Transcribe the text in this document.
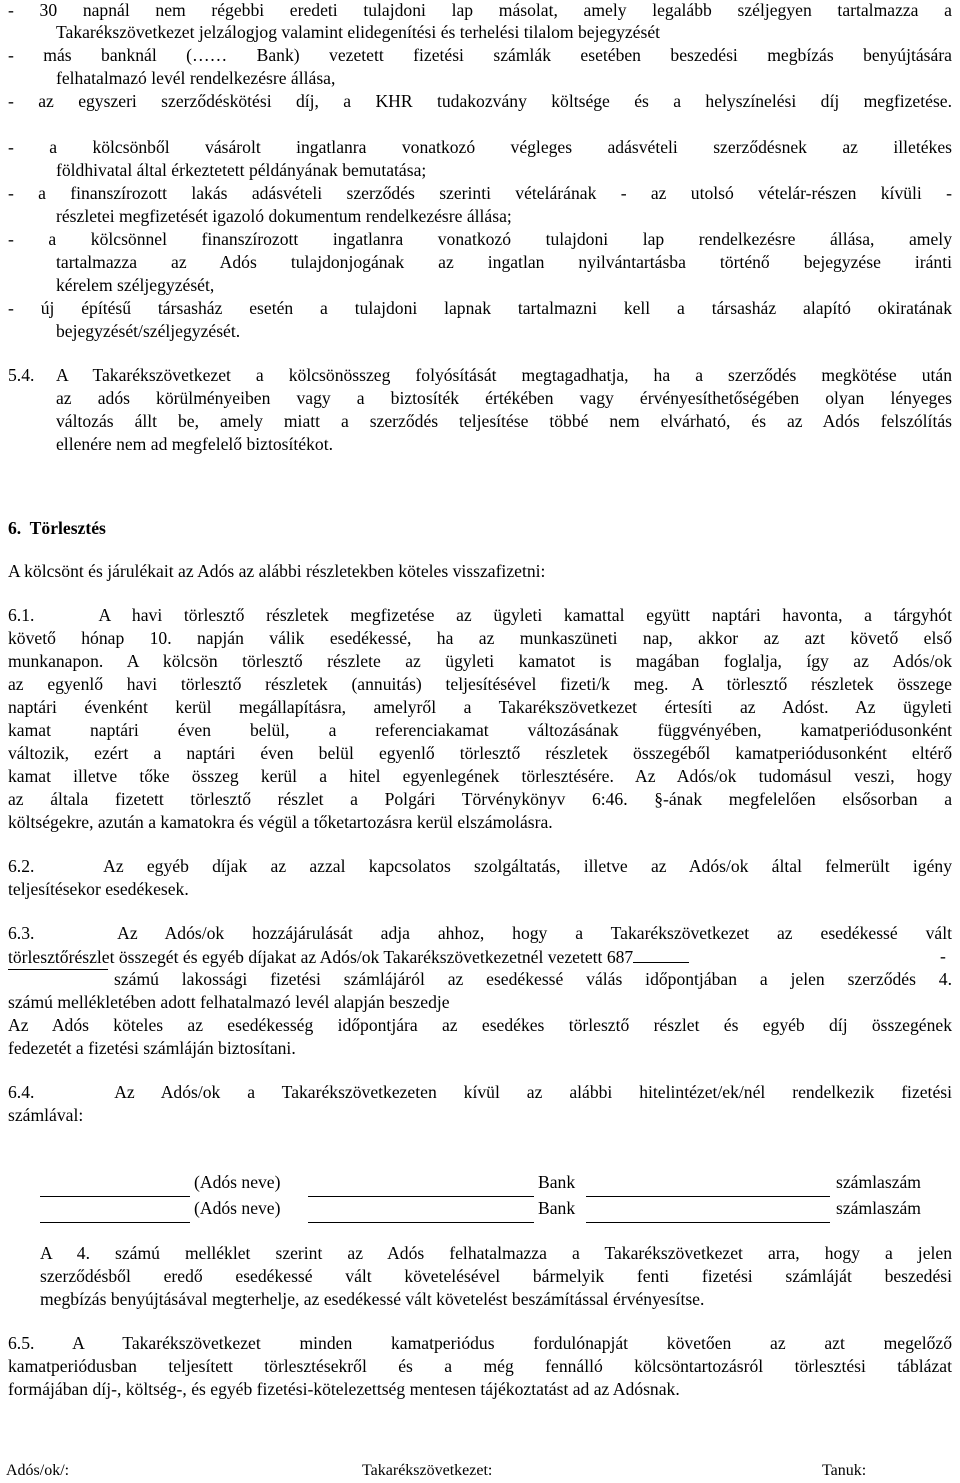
- 30 napnál nem régebbi eredeti tulajdoni lap másolat, amely legalább széljegyen tartalmazza a
Takarékszövetkezet jelzálogjog valamint elidegenítési és terhelési tilalom bejegyzését
- más banknál (…… Bank) vezetett fizetési számlák esetében beszedési megbízás benyújtására
felhatalmazó levél rendelkezésre állása,
- az egyszeri szerződéskötési díj, a KHR tudakozvány költsége és a helyszínelési díj megfizetése.
- a kölcsönből vásárolt ingatlanra vonatkozó végleges adásvételi szerződésnek az illetékes
földhivatal által érkeztetett példányának bemutatása;
- a finanszírozott lakás adásvételi szerződés szerinti vételárának - az utolsó vételár-részen kívüli -
részletei megfizetését igazoló dokumentum rendelkezésre állása;
- a kölcsönnel finanszírozott ingatlanra vonatkozó tulajdoni lap rendelkezésre állása, amely
tartalmazza az Adós tulajdonjogának az ingatlan nyilvántartásba történő bejegyzése iránti
kérelem széljegyzését,
- új építésű társasház esetén a tulajdoni lapnak tartalmazni kell a társasház alapító okiratának
bejegyzését/széljegyzését.
5.4. A Takarékszövetkezet a kölcsönösszeg folyósítását megtagadhatja, ha a szerződés megkötése után
az adós körülményeiben vagy a biztosíték értékében vagy érvényesíthetőségében olyan lényeges
változás állt be, amely miatt a szerződés teljesítése többé nem elvárható, és az Adós felszólítás
ellenére nem ad megfelelő biztosítékot.
6.  Törlesztés
A kölcsönt és járulékait az Adós az alábbi részletekben köteles visszafizetni:
6.1.   A havi törlesztő részletek megfizetése az ügyleti kamattal együtt naptári havonta, a tárgyhót
követő hónap 10. napján válik esedékessé, ha az munkaszüneti nap, akkor az azt követő első
munkanapon. A kölcsön törlesztő részlete az ügyleti kamatot is magában foglalja, így az Adós/ok
az egyenlő havi törlesztő részletek (annuitás) teljesítésével fizeti/k meg. A törlesztő részletek összege
naptári évenként kerül megállapításra, amelyről a Takarékszövetkezet értesíti az Adóst. Az ügyleti
kamat naptári éven belül, a referenciakamat változásának függvényében, kamatperiódusonként
változik, ezért a naptári éven belül egyenlő törlesztő részletek összegéből kamatperiódusonként eltérő
kamat illetve tőke összeg kerül a hitel egyenlegének törlesztésére. Az Adós/ok tudomásul veszi, hogy
az általa fizetett törlesztő részlet a Polgári Törvénykönyv 6:46. §-ának megfelelően elsősorban a
költségekre, azután a kamatokra és végül a tőketartozásra kerül elszámolásra.
6.2.   Az egyéb díjak az azzal kapcsolatos szolgáltatás, illetve az Adós/ok által felmerült igény
teljesítésekor esedékesek.
6.3.   Az Adós/ok hozzájárulását adja ahhoz, hogy a Takarékszövetkezet az esedékessé vált
törlesztőrészlet összegét és egyéb díjakat az Adós/ok Takarékszövetkezetnél vezetett 687	-
számú lakossági fizetési számlájáról az esedékessé válás időpontjában a jelen szerződés 4.
számú mellékletében adott felhatalmazó levél alapján beszedje
Az Adós köteles az esedékesség időpontjára az esedékes törlesztő részlet és egyéb díj összegének
fedezetét a fizetési számláján biztosítani.
6.4.   Az Adós/ok a Takarékszövetkezeten kívül az alábbi hitelintézet/ek/nél rendelkezik fizetési
számlával:
(Adós neve)	Bank	számlaszám
(Adós neve)	Bank	számlaszám
A 4. számú melléklet szerint az Adós felhatalmazza a Takarékszövetkezet arra, hogy a jelen
szerződésből eredő esedékessé vált követelésével bármelyik fenti fizetési számláját beszedési
megbízás benyújtásával megterhelje, az esedékessé vált követelést beszámítással érvényesítse.
6.5. A Takarékszövetkezet minden kamatperiódus fordulónapját követően az azt megelőző
kamatperiódusban teljesített törlesztésekről és a még fennálló kölcsöntartozásról törlesztési táblázat
formájában díj-, költség-, és egyéb fizetési-kötelezettség mentesen tájékoztatást ad az Adósnak.
Adós/ok/:	Takarékszövetkezet:	Tanuk:
